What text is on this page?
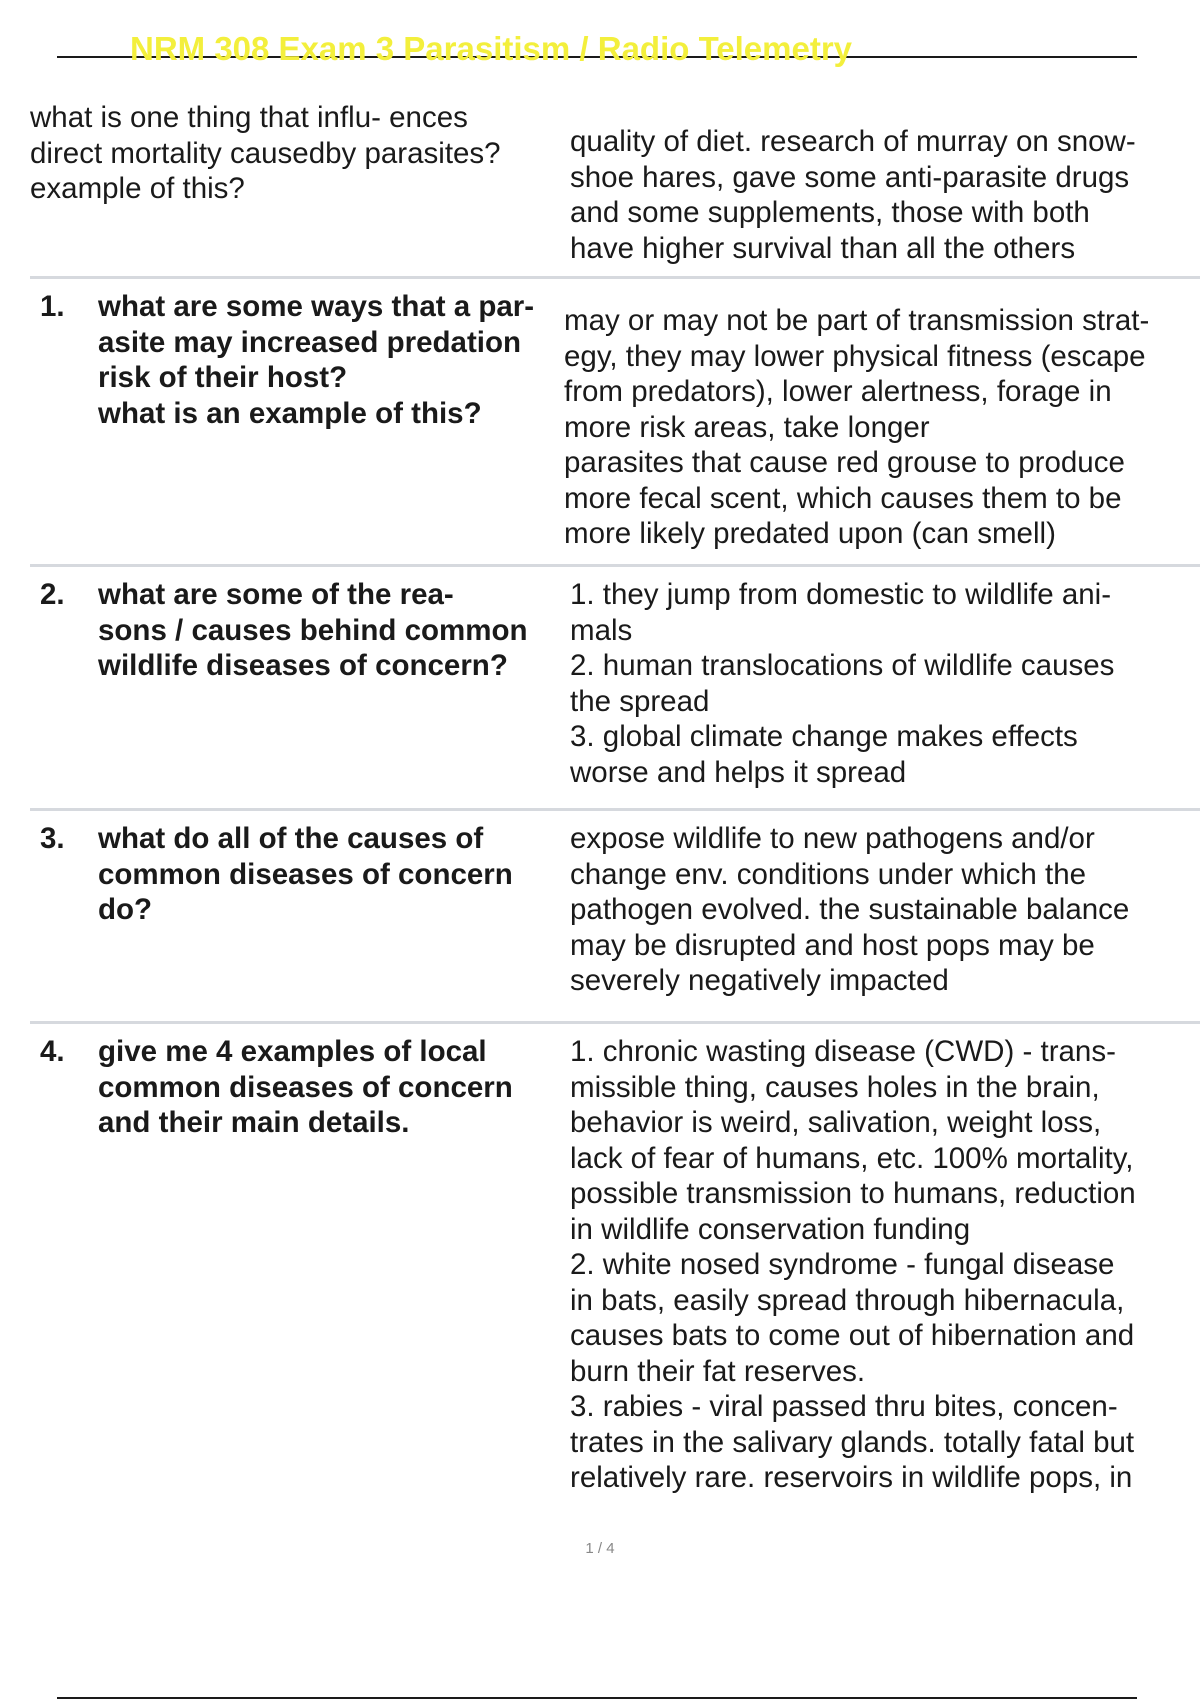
NRM 308 Exam 3 Parasitism / Radio Telemetry
what is one thing that influ- ences
direct mortality causedby parasites?
example of this?
quality of diet. research of murray on snow-
shoe hares, gave some anti-parasite drugs
and some supplements, those with both
have higher survival than all the others
1. what are some ways that a par-
asite may increased predation
risk of their host?
what is an example of this?
may or may not be part of transmission strat-
egy, they may lower physical fitness (escape
from predators), lower alertness, forage in
more risk areas, take longer
parasites that cause red grouse to produce
more fecal scent, which causes them to be
more likely predated upon (can smell)
2. what are some of the rea-
sons / causes behind common
wildlife diseases of concern?
1. they jump from domestic to wildlife ani-
mals
2. human translocations of wildlife causes
the spread
3. global climate change makes effects
worse and helps it spread
3. what do all of the causes of
common diseases of concern
do?
expose wildlife to new pathogens and/or
change env. conditions under which the
pathogen evolved. the sustainable balance
may be disrupted and host pops may be
severely negatively impacted
4. give me 4 examples of local
common diseases of concern
and their main details.
1. chronic wasting disease (CWD) - trans-
missible thing, causes holes in the brain,
behavior is weird, salivation, weight loss,
lack of fear of humans, etc. 100% mortality,
possible transmission to humans, reduction
in wildlife conservation funding
2. white nosed syndrome - fungal disease
in bats, easily spread through hibernacula,
causes bats to come out of hibernation and
burn their fat reserves.
3. rabies - viral passed thru bites, concen-
trates in the salivary glands. totally fatal but
relatively rare. reservoirs in wildlife pops, in
1 / 4
